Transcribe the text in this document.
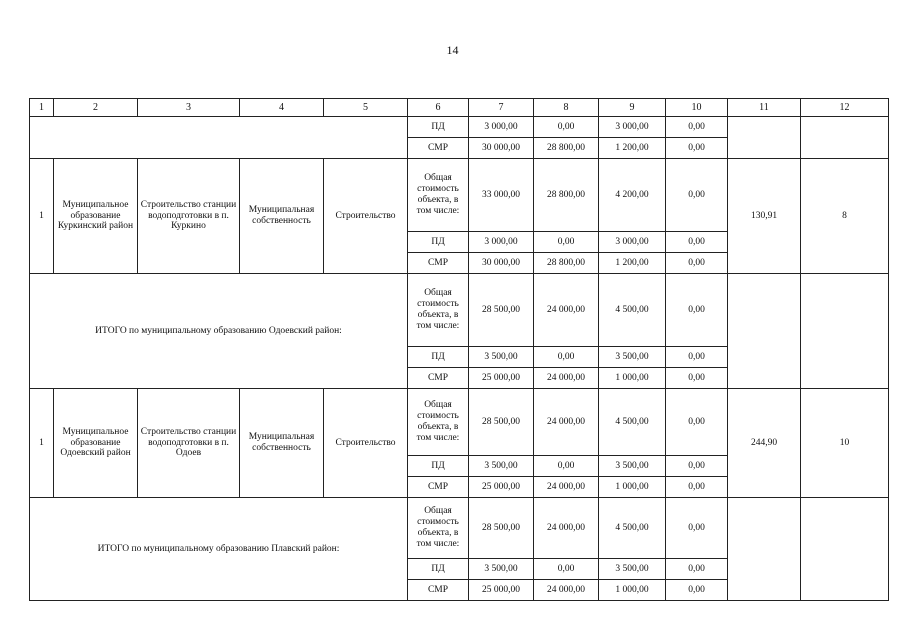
14
1	2	3	4	5	6	7	8	9	10	11	12
					ПД	3 000,00	0,00	3 000,00	0,00		
					СМР	30 000,00	28 800,00	1 200,00	0,00		
1	Муниципальное образование Куркинский район	Строительство станции водоподготовки в п. Куркино	Муниципальная собственность	Строительство	Общая стоимость объекта, в том числе:	33 000,00	28 800,00	4 200,00	0,00	130,91	8
					ПД	3 000,00	0,00	3 000,00	0,00		
					СМР	30 000,00	28 800,00	1 200,00	0,00		
ИТОГО по муниципальному образованию Одоевский район:					Общая стоимость объекта, в том числе:	28 500,00	24 000,00	4 500,00	0,00		
					ПД	3 500,00	0,00	3 500,00	0,00		
					СМР	25 000,00	24 000,00	1 000,00	0,00		
1	Муниципальное образование Одоевский район	Строительство станции водоподготовки в п. Одоев	Муниципальная собственность	Строительство	Общая стоимость объекта, в том числе:	28 500,00	24 000,00	4 500,00	0,00	244,90	10
					ПД	3 500,00	0,00	3 500,00	0,00		
					СМР	25 000,00	24 000,00	1 000,00	0,00		
ИТОГО по муниципальному образованию Плавский район:					Общая стоимость объекта, в том числе:	28 500,00	24 000,00	4 500,00	0,00		
					ПД	3 500,00	0,00	3 500,00	0,00		
					СМР	25 000,00	24 000,00	1 000,00	0,00		
